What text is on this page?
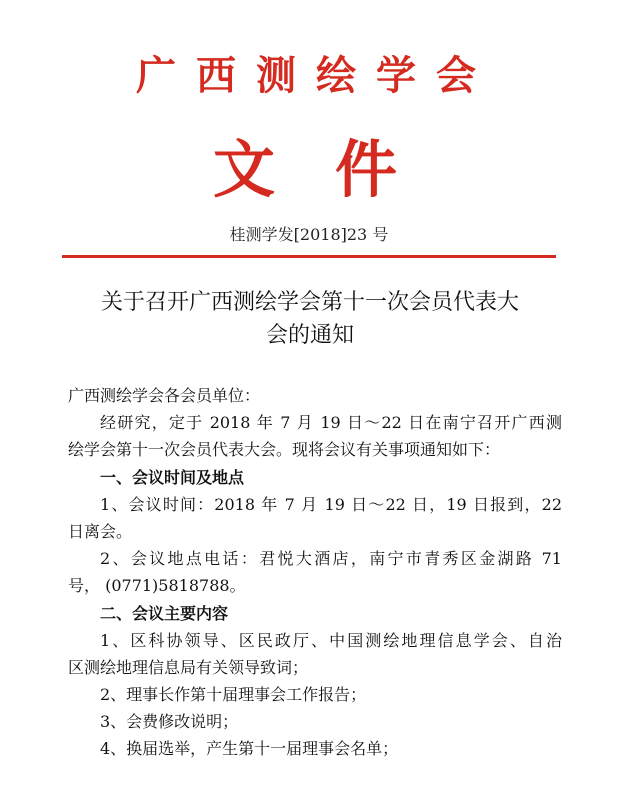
广西测绘学会
文件
桂测学发[2018]23 号
关于召开广西测绘学会第十一次会员代表大
会的通知
广西测绘学会各会员单位：
经研究，定于 2018 年 7 月 19 日～22 日在南宁召开广西测
绘学会第十一次会员代表大会。现将会议有关事项通知如下：
一、会议时间及地点
1、会议时间：2018 年 7 月 19 日～22 日，19 日报到，22
日离会。
2、会议地点电话：君悦大酒店，南宁市青秀区金湖路 71
号， (0771)5818788。
二、会议主要内容
1、区科协领导、区民政厅、中国测绘地理信息学会、自治
区测绘地理信息局有关领导致词；
2、理事长作第十届理事会工作报告；
3、会费修改说明；
4、换届选举，产生第十一届理事会名单；
